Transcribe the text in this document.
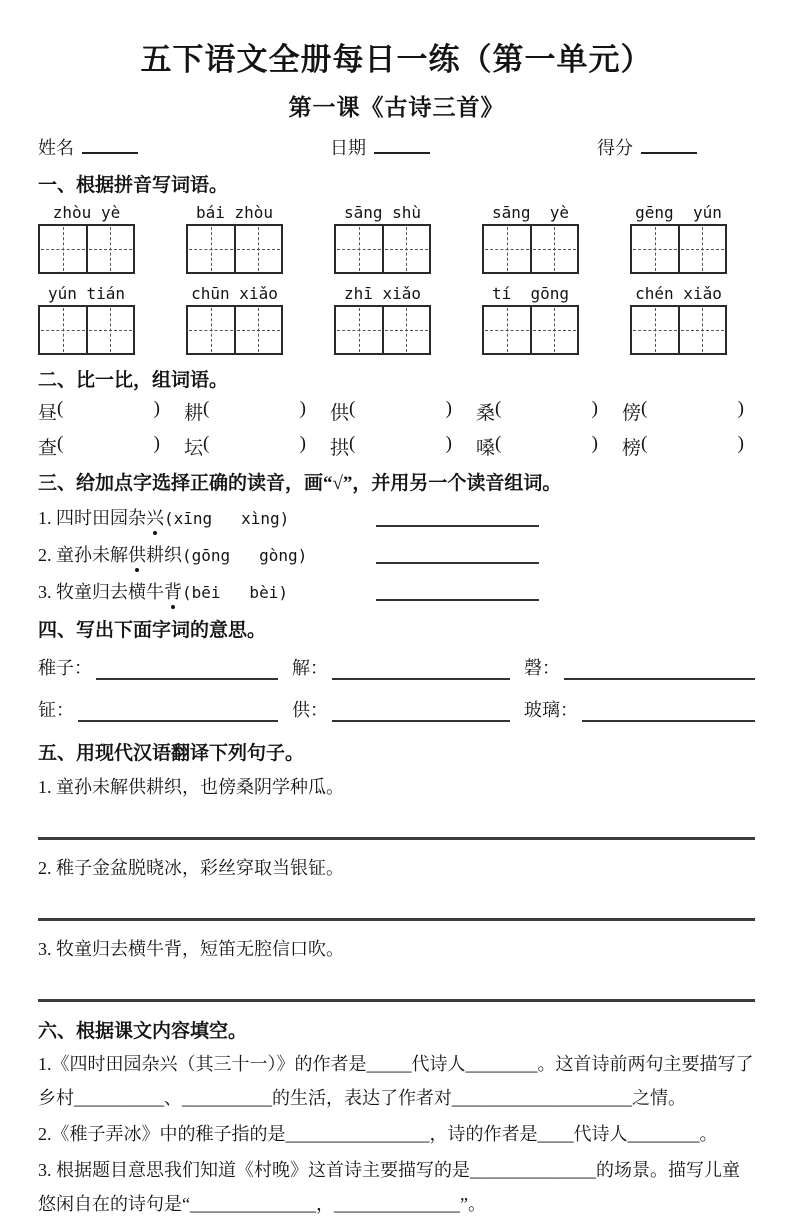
五下语文全册每日一练（第一单元）
第一课《古诗三首》
姓名	日期	得分
一、根据拼音写词语。
zhòu yè	bái zhòu	sāng shù	sāng  yè	gēng  yún
yún tián	chūn xiǎo	zhī xiǎo	tí  gōng	chén xiǎo
二、比一比，组词语。
昼 (	) 耕 (	) 供 (	) 桑 (	) 傍 (	)
查 (	) 坛 (	) 拱 (	) 嗓 (	) 榜 (	)
三、给加点字选择正确的读音，画“√”，并用另一个读音组词。
1. 四时田园杂兴(xīng   xìng)
2. 童孙未解供耕织(gōng   gòng)
3. 牧童归去横牛背(bēi   bèi)
四、写出下面字词的意思。
稚子：	解：	磬：
钲：	供：	玻璃：
五、用现代汉语翻译下列句子。

1. 童孙未解供耕织，也傍桑阴学种瓜。

2. 稚子金盆脱晓冰，彩丝穿取当银钲。

3. 牧童归去横牛背，短笛无腔信口吹。

六、根据课文内容填空。

1.《四时田园杂兴（其三十一）》的作者是_____代诗人________。这首诗前两句主要描写了乡村__________、__________的生活，表达了作者对____________________之情。

2.《稚子弄冰》中的稚子指的是________________，诗的作者是____代诗人________。

3. 根据题目意思我们知道《村晚》这首诗主要描写的是______________的场景。描写儿童悠闲自在的诗句是“______________，______________”。
